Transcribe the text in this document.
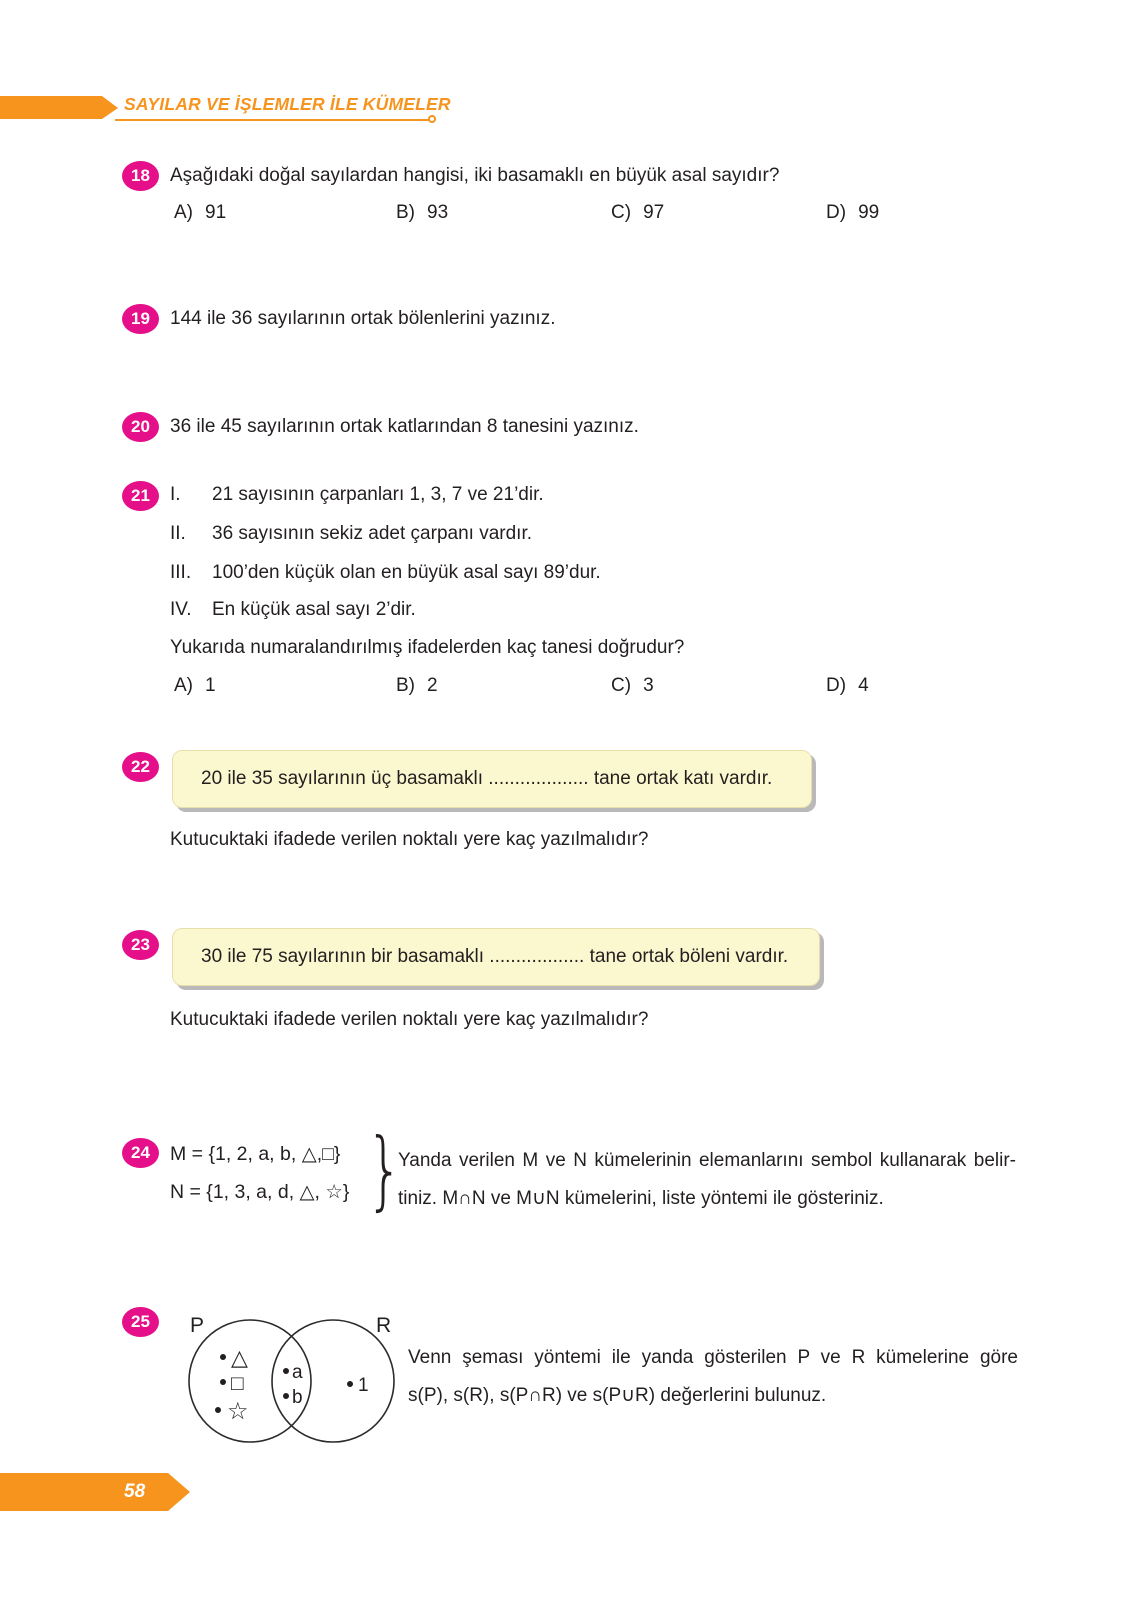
SAYILAR VE İŞLEMLER İLE KÜMELER
18	Aşağıdaki doğal sayılardan hangisi, iki basamaklı en büyük asal sayıdır?
A) 91	B) 93	C) 97	D) 99
19	144 ile 36 sayılarının ortak bölenlerini yazınız.
20	36 ile 45 sayılarının ortak katlarından 8 tanesini yazınız.
21	I. 21 sayısının çarpanları 1, 3, 7 ve 21’dir.
II. 36 sayısının sekiz adet çarpanı vardır.
III. 100’den küçük olan en büyük asal sayı 89’dur.
IV. En küçük asal sayı 2’dir.
Yukarıda numaralandırılmış ifadelerden kaç tanesi doğrudur?
A) 1	B) 2	C) 3	D) 4
22
20 ile 35 sayılarının üç basamaklı ................... tane ortak katı vardır.
Kutucuktaki ifadede verilen noktalı yere kaç yazılmalıdır?
23
30 ile 75 sayılarının bir basamaklı .................. tane ortak böleni vardır.
Kutucuktaki ifadede verilen noktalı yere kaç yazılmalıdır?
24	M = {1, 2, a, b, △,□}
N = {1, 3, a, d, △, ☆} }
Yanda verilen M ve N kümelerinin elemanlarını sembol kullanarak belir-
tiniz. M∩N ve M∪N kümelerini, liste yöntemi ile gösteriniz.
25	P	R
△
□
☆
a
b
1
Venn şeması yöntemi ile yanda gösterilen P ve R kümelerine göre
s(P), s(R), s(P∩R) ve s(P∪R) değerlerini bulunuz.
58
